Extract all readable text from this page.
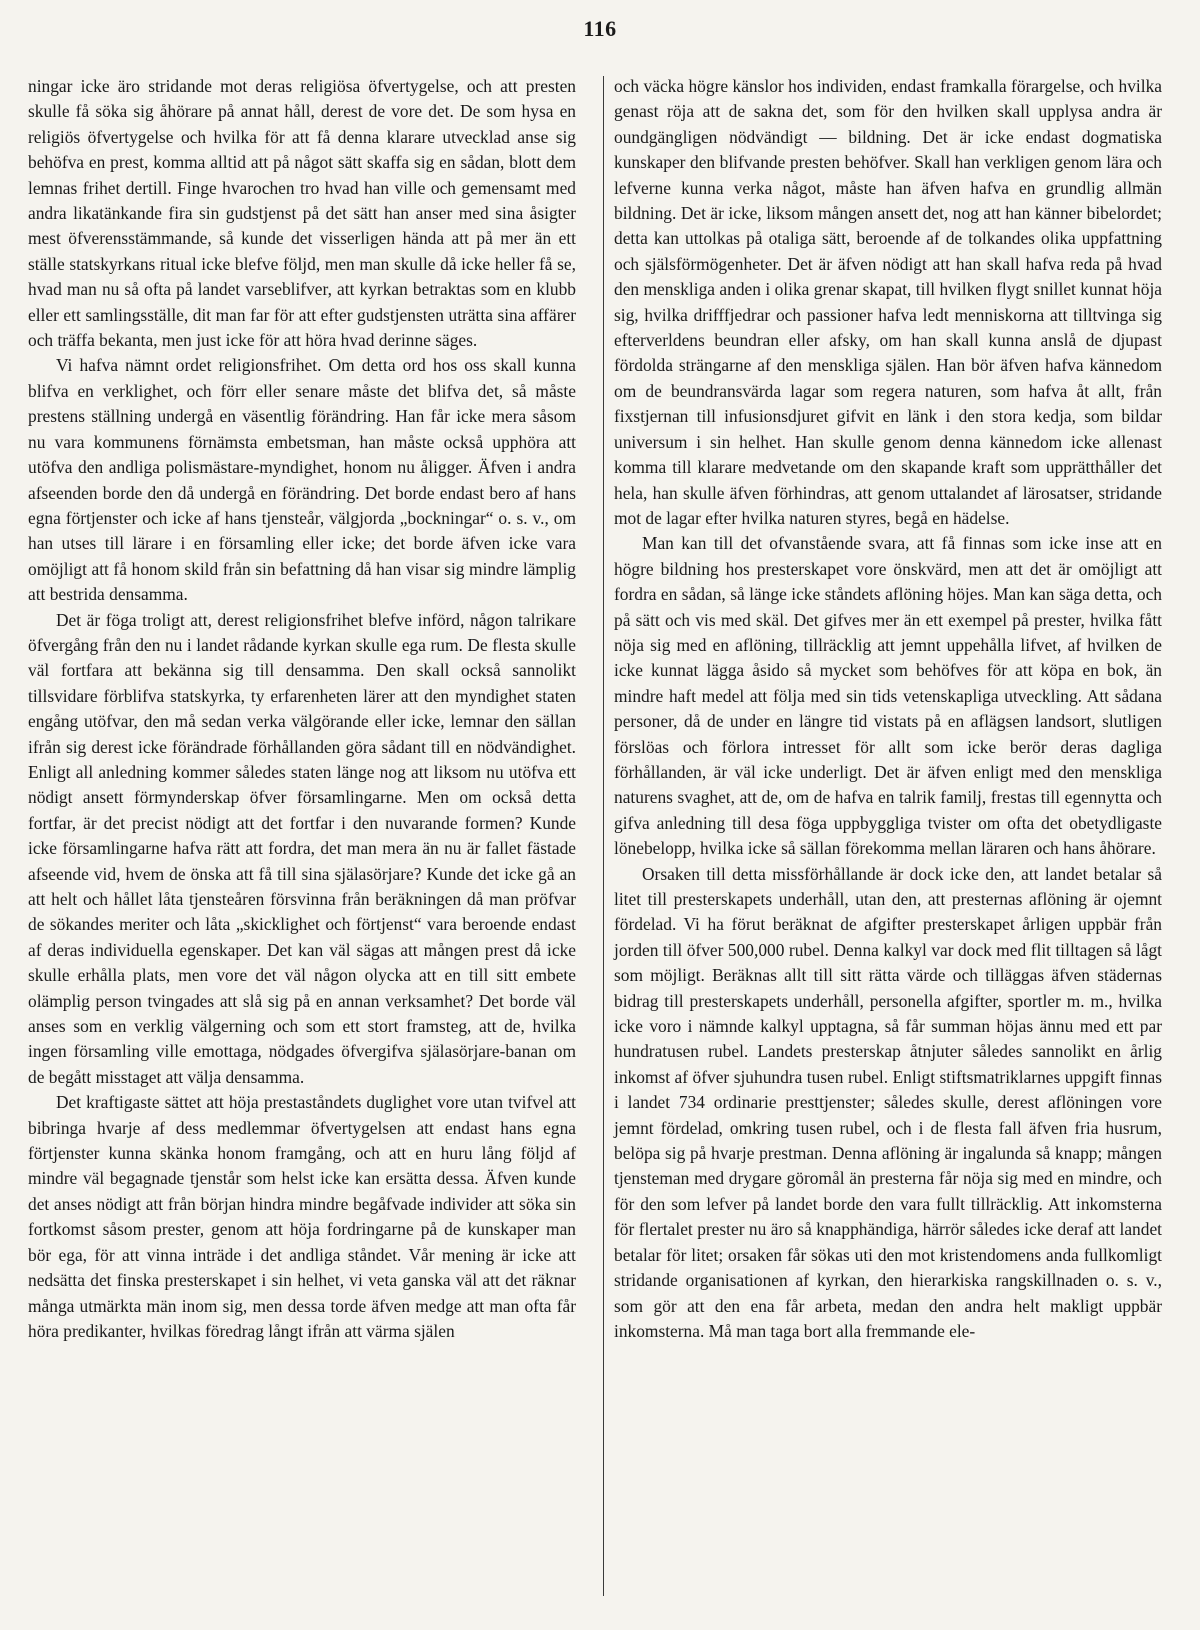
116

ningar icke äro stridande mot deras religiösa öfvertygelse, och att presten skulle få söka sig åhörare på annat håll, derest de vore det. De som hysa en religiös öfvertygelse och hvilka för att få denna klarare utvecklad anse sig behöfva en prest, komma alltid att på något sätt skaffa sig en sådan, blott dem lemnas frihet dertill. Finge hvarochen tro hvad han ville och gemensamt med andra likatänkande fira sin gudstjenst på det sätt han anser med sina åsigter mest öfverensstämmande, så kunde det visserligen hända att på mer än ett ställe statskyrkans ritual icke blefve följd, men man skulle då icke heller få se, hvad man nu så ofta på landet varseblifver, att kyrkan betraktas som en klubb eller ett samlingsställe, dit man far för att efter gudstjensten uträtta sina affärer och träffa bekanta, men just icke för att höra hvad derinne säges.

Vi hafva nämnt ordet religionsfrihet. Om detta ord hos oss skall kunna blifva en verklighet, och förr eller senare måste det blifva det, så måste prestens ställning undergå en väsentlig förändring. Han får icke mera såsom nu vara kommunens förnämsta embetsman, han måste också upphöra att utöfva den andliga polismästare-myndighet, honom nu åligger. Äfven i andra afseenden borde den då undergå en förändring. Det borde endast bero af hans egna förtjenster och icke af hans tjensteår, välgjorda „bockningar“ o. s. v., om han utses till lärare i en församling eller icke; det borde äfven icke vara omöjligt att få honom skild från sin befattning då han visar sig mindre lämplig att bestrida densamma.

Det är föga troligt att, derest religionsfrihet blefve införd, någon talrikare öfvergång från den nu i landet rådande kyrkan skulle ega rum. De flesta skulle väl fortfara att bekänna sig till densamma. Den skall också sannolikt tillsvidare förblifva statskyrka, ty erfarenheten lärer att den myndighet staten engång utöfvar, den må sedan verka välgörande eller icke, lemnar den sällan ifrån sig derest icke förändrade förhållanden göra sådant till en nödvändighet. Enligt all anledning kommer således staten länge nog att liksom nu utöfva ett nödigt ansett förmynderskap öfver församlingarne. Men om också detta fortfar, är det precist nödigt att det fortfar i den nuvarande formen? Kunde icke församlingarne hafva rätt att fordra, det man mera än nu är fallet fästade afseende vid, hvem de önska att få till sina själasörjare? Kunde det icke gå an att helt och hållet låta tjensteåren försvinna från beräkningen då man pröfvar de sökandes meriter och låta „skicklighet och förtjenst“ vara beroende endast af deras individuella egenskaper. Det kan väl sägas att mången prest då icke skulle erhålla plats, men vore det väl någon olycka att en till sitt embete olämplig person tvingades att slå sig på en annan verksamhet? Det borde väl anses som en verklig välgerning och som ett stort framsteg, att de, hvilka ingen församling ville emottaga, nödgades öfvergifva själasörjare-banan om de begått misstaget att välja densamma.

Det kraftigaste sättet att höja prestaståndets duglighet vore utan tvifvel att bibringa hvarje af dess medlemmar öfvertygelsen att endast hans egna förtjenster kunna skänka honom framgång, och att en huru lång följd af mindre väl begagnade tjenstår som helst icke kan ersätta dessa. Äfven kunde det anses nödigt att från början hindra mindre begåfvade individer att söka sin fortkomst såsom prester, genom att höja fordringarne på de kunskaper man bör ega, för att vinna inträde i det andliga ståndet. Vår mening är icke att nedsätta det finska presterskapet i sin helhet, vi veta ganska väl att det räknar många utmärkta män inom sig, men dessa torde äfven medge att man ofta får höra predikanter, hvilkas föredrag långt ifrån att värma själen

och väcka högre känslor hos individen, endast framkalla förargelse, och hvilka genast röja att de sakna det, som för den hvilken skall upplysa andra är oundgängligen nödvändigt — bildning. Det är icke endast dogmatiska kunskaper den blifvande presten behöfver. Skall han verkligen genom lära och lefverne kunna verka något, måste han äfven hafva en grundlig allmän bildning. Det är icke, liksom mången ansett det, nog att han känner bibelordet; detta kan uttolkas på otaliga sätt, beroende af de tolkandes olika uppfattning och själsförmögenheter. Det är äfven nödigt att han skall hafva reda på hvad den menskliga anden i olika grenar skapat, till hvilken flygt snillet kunnat höja sig, hvilka drifffjedrar och passioner hafva ledt menniskorna att tilltvinga sig efterverldens beundran eller afsky, om han skall kunna anslå de djupast fördolda strängarne af den menskliga själen. Han bör äfven hafva kännedom om de beundransvärda lagar som regera naturen, som hafva åt allt, från fixstjernan till infusionsdjuret gifvit en länk i den stora kedja, som bildar universum i sin helhet. Han skulle genom denna kännedom icke allenast komma till klarare medvetande om den skapande kraft som upprätthåller det hela, han skulle äfven förhindras, att genom uttalandet af lärosatser, stridande mot de lagar efter hvilka naturen styres, begå en hädelse.

Man kan till det ofvanstående svara, att få finnas som icke inse att en högre bildning hos presterskapet vore önskvärd, men att det är omöjligt att fordra en sådan, så länge icke ståndets aflöning höjes. Man kan säga detta, och på sätt och vis med skäl. Det gifves mer än ett exempel på prester, hvilka fått nöja sig med en aflöning, tillräcklig att jemnt uppehålla lifvet, af hvilken de icke kunnat lägga åsido så mycket som behöfves för att köpa en bok, än mindre haft medel att följa med sin tids vetenskapliga utveckling. Att sådana personer, då de under en längre tid vistats på en aflägsen landsort, slutligen förslöas och förlora intresset för allt som icke berör deras dagliga förhållanden, är väl icke underligt. Det är äfven enligt med den menskliga naturens svaghet, att de, om de hafva en talrik familj, frestas till egennytta och gifva anledning till desa föga uppbyggliga tvister om ofta det obetydligaste lönebelopp, hvilka icke så sällan förekomma mellan läraren och hans åhörare.

Orsaken till detta missförhållande är dock icke den, att landet betalar så litet till presterskapets underhåll, utan den, att presternas aflöning är ojemnt fördelad. Vi ha förut beräknat de afgifter presterskapet årligen uppbär från jorden till öfver 500,000 rubel. Denna kalkyl var dock med flit tilltagen så lågt som möjligt. Beräknas allt till sitt rätta värde och tilläggas äfven städernas bidrag till presterskapets underhåll, personella afgifter, sportler m. m., hvilka icke voro i nämnde kalkyl upptagna, så får summan höjas ännu med ett par hundratusen rubel. Landets presterskap åtnjuter således sannolikt en årlig inkomst af öfver sjuhundra tusen rubel. Enligt stiftsmatriklarnes uppgift finnas i landet 734 ordinarie presttjenster; således skulle, derest aflöningen vore jemnt fördelad, omkring tusen rubel, och i de flesta fall äfven fria husrum, belöpa sig på hvarje prestman. Denna aflöning är ingalunda så knapp; mången tjensteman med drygare göromål än presterna får nöja sig med en mindre, och för den som lefver på landet borde den vara fullt tillräcklig. Att inkomsterna för flertalet prester nu äro så knapphändiga, härrör således icke deraf att landet betalar för litet; orsaken får sökas uti den mot kristendomens anda fullkomligt stridande organisationen af kyrkan, den hierarkiska rangskillnaden o. s. v., som gör att den ena får arbeta, medan den andra helt makligt uppbär inkomsterna. Må man taga bort alla fremmande ele-
